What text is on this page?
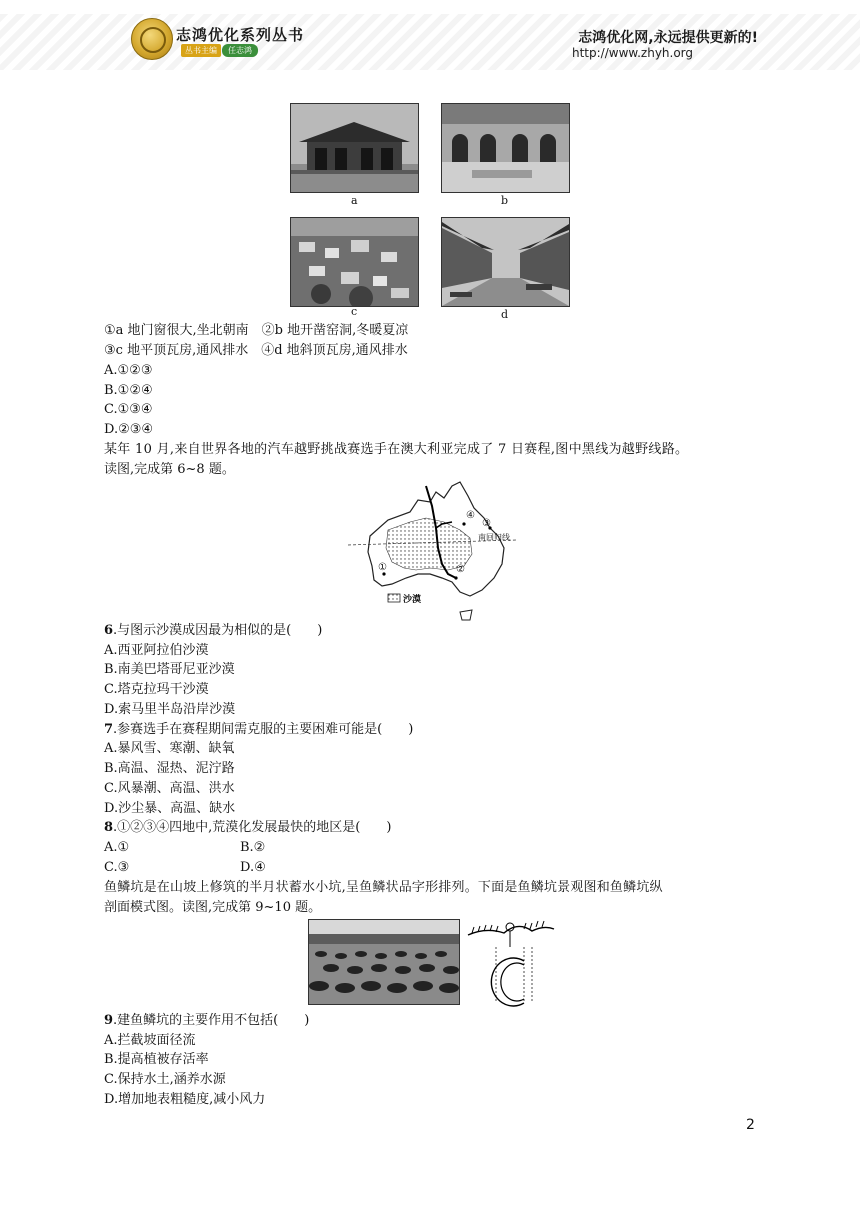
志鸿优化系列丛书
丛书主编	任志鸿
志鸿优化网,永远提供更新的!
http://www.zhyh.org
a	b
c	d
①a 地门窗很大,坐北朝南　②b 地开凿窑洞,冬暖夏凉
③c 地平顶瓦房,通风排水　④d 地斜顶瓦房,通风排水
A.①②③
B.①②④
C.①③④
D.②③④
某年 10 月,来自世界各地的汽车越野挑战赛选手在澳大利亚完成了 7 日赛程,图中黑线为越野线路。
读图,完成第 6~8 题。
①	②
③
④
南回归线
沙漠
6.与图示沙漠成因最为相似的是(　　)
A.西亚阿拉伯沙漠
B.南美巴塔哥尼亚沙漠
C.塔克拉玛干沙漠
D.索马里半岛沿岸沙漠
7.参赛选手在赛程期间需克服的主要困难可能是(　　)
A.暴风雪、寒潮、缺氧
B.高温、湿热、泥泞路
C.风暴潮、高温、洪水
D.沙尘暴、高温、缺水
8.①②③④四地中,荒漠化发展最快的地区是(　　)
A.①	B.②
C.③	D.④
鱼鳞坑是在山坡上修筑的半月状蓄水小坑,呈鱼鳞状品字形排列。下面是鱼鳞坑景观图和鱼鳞坑纵
剖面模式图。读图,完成第 9~10 题。
9.建鱼鳞坑的主要作用不包括(　　)
A.拦截坡面径流
B.提高植被存活率
C.保持水土,涵养水源
D.增加地表粗糙度,减小风力
2
